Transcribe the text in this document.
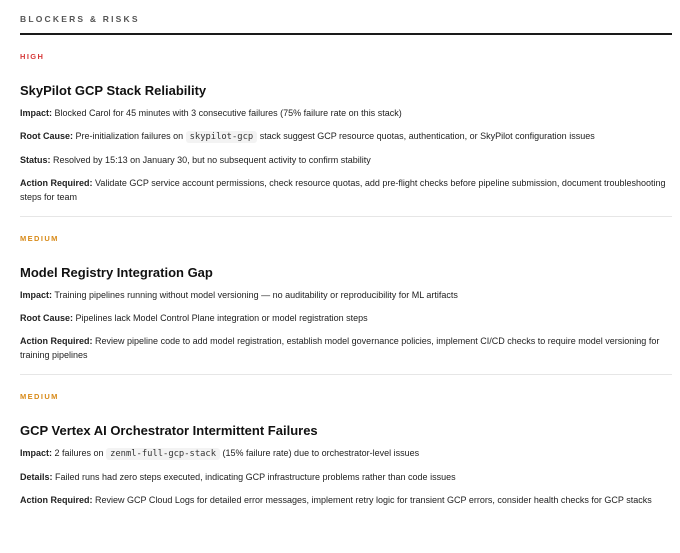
BLOCKERS & RISKS
HIGH
SkyPilot GCP Stack Reliability

Impact: Blocked Carol for 45 minutes with 3 consecutive failures (75% failure rate on this stack)

Root Cause: Pre-initialization failures on skypilot-gcp stack suggest GCP resource quotas, authentication, or SkyPilot configuration issues

Status: Resolved by 15:13 on January 30, but no subsequent activity to confirm stability

Action Required: Validate GCP service account permissions, check resource quotas, add pre-flight checks before pipeline submission, document troubleshooting steps for team

MEDIUM
Model Registry Integration Gap

Impact: Training pipelines running without model versioning — no auditability or reproducibility for ML artifacts

Root Cause: Pipelines lack Model Control Plane integration or model registration steps

Action Required: Review pipeline code to add model registration, establish model governance policies, implement CI/CD checks to require model versioning for training pipelines

MEDIUM
GCP Vertex AI Orchestrator Intermittent Failures

Impact: 2 failures on zenml-full-gcp-stack (15% failure rate) due to orchestrator-level issues

Details: Failed runs had zero steps executed, indicating GCP infrastructure problems rather than code issues

Action Required: Review GCP Cloud Logs for detailed error messages, implement retry logic for transient GCP errors, consider health checks for GCP stacks
